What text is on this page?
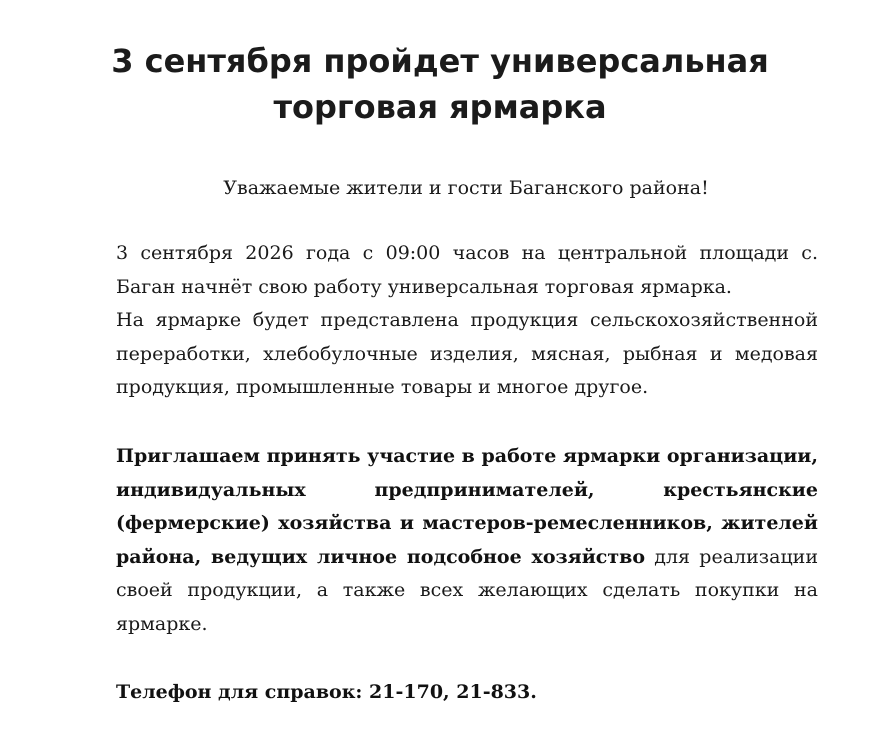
3 сентября пройдет универсальная
торговая ярмарка

Уважаемые жители и гости Баганского района!

3 сентября 2026 года с 09:00 часов на центральной площади с.
Баган начнёт свою работу универсальная торговая ярмарка.
На ярмарке будет представлена продукция сельскохозяйственной
переработки, хлебобулочные изделия, мясная, рыбная и медовая
продукция, промышленные товары и многое другое.
Приглашаем принять участие в работе ярмарки организации,
индивидуальных предпринимателей, крестьянские
(фермерские) хозяйства и мастеров-ремесленников, жителей
района, ведущих личное подсобное хозяйство для реализации
своей продукции, а также всех желающих сделать покупки на
ярмарке.

Телефон для справок: 21-170, 21-833.
